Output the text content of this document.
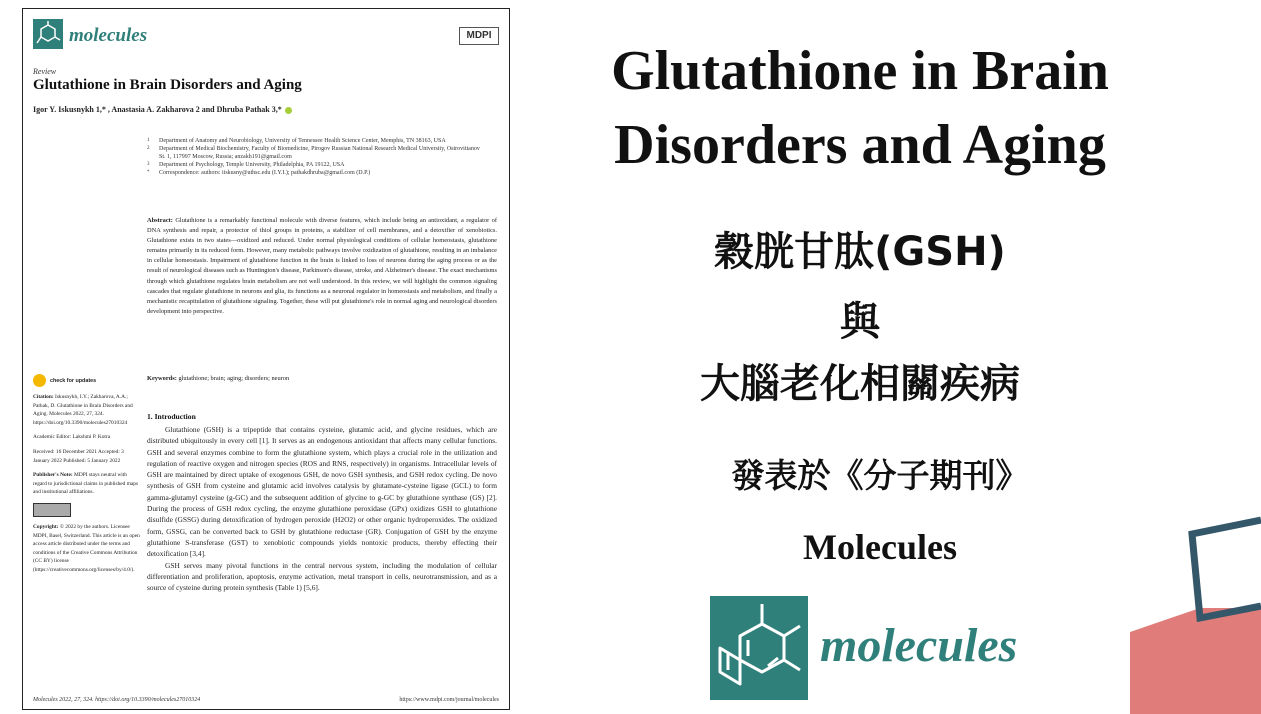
molecules	MDPI
Review
Glutathione in Brain Disorders and Aging
Igor Y. Iskusnykh 1,* , Anastasia A. Zakharova 2 and Dhruba Pathak 3,*
1	Department of Anatomy and Neurobiology, University of Tennessee Health Science Center, Memphis, TN 38163, USA
2	Department of Medical Biochemistry, Faculty of Biomedicine, Pirogov Russian National Research Medical University, Ostrovitianov St. 1, 117997 Moscow, Russia; anzakh191@gmail.com
3	Department of Psychology, Temple University, Philadelphia, PA 19122, USA
*	Correspondence: authors: iiskusny@uthsc.edu (I.Y.I.); pathakdhruba@gmail.com (D.P.)
Abstract: Glutathione is a remarkably functional molecule with diverse features, which include being an antioxidant, a regulator of DNA synthesis and repair, a protector of thiol groups in proteins, a stabilizer of cell membranes, and a detoxifier of xenobiotics. Glutathione exists in two states—oxidized and reduced. Under normal physiological conditions of cellular homeostasis, glutathione remains primarily in its reduced form. However, many metabolic pathways involve oxidization of glutathione, resulting in an imbalance in cellular homeostasis. Impairment of glutathione function in the brain is linked to loss of neurons during the aging process or as the result of neurological diseases such as Huntington's disease, Parkinson's disease, stroke, and Alzheimer's disease. The exact mechanisms through which glutathione regulates brain metabolism are not well understood. In this review, we will highlight the common signaling cascades that regulate glutathione in neurons and glia, its functions as a neuronal regulator in homeostasis and metabolism, and finally a mechanistic recapitulation of glutathione signaling. Together, these will put glutathione's role in normal aging and neurological disorders development into perspective.
Keywords: glutathione; brain; aging; disorders; neuron
check for updates

Citation: Iskusnykh, I.Y.; Zakharova, A.A.; Pathak, D. Glutathione in Brain Disorders and Aging. Molecules 2022, 27, 324. https://doi.org/10.3390/molecules27010324

Academic Editor: Lakshmi P. Kotra

Received: 16 December 2021 Accepted: 3 January 2022 Published: 5 January 2022

Publisher's Note: MDPI stays neutral with regard to jurisdictional claims in published maps and institutional affiliations.

Copyright: © 2022 by the authors. Licensee MDPI, Basel, Switzerland. This article is an open access article distributed under the terms and conditions of the Creative Commons Attribution (CC BY) license (https://creativecommons.org/licenses/by/4.0/).

1. Introduction

Glutathione (GSH) is a tripeptide that contains cysteine, glutamic acid, and glycine residues, which are distributed ubiquitously in every cell [1]. It serves as an endogenous antioxidant that affects many cellular functions. GSH and several enzymes combine to form the glutathione system, which plays a crucial role in the utilization and regulation of reactive oxygen and nitrogen species (ROS and RNS, respectively) in organisms. Intracellular levels of GSH are maintained by direct uptake of exogenous GSH, de novo GSH synthesis, and GSH redox cycling. De novo synthesis of GSH from cysteine and glutamic acid involves catalysis by glutamate-cysteine ligase (GCL) to form gamma-glutamyl cysteine (g-GC) and the subsequent addition of glycine to g-GC by glutathione synthase (GS) [2]. During the process of GSH redox cycling, the enzyme glutathione peroxidase (GPx) oxidizes GSH to glutathione disulfide (GSSG) during detoxification of hydrogen peroxide (H2O2) or other organic hydroperoxides. The oxidized form, GSSG, can be converted back to GSH by glutathione reductase (GR). Conjugation of GSH by the enzyme glutathione S-transferase (GST) to xenobiotic compounds yields nontoxic products, thereby effecting their detoxification [3,4].

GSH serves many pivotal functions in the central nervous system, including the modulation of cellular differentiation and proliferation, apoptosis, enzyme activation, metal transport in cells, neurotransmission, and as a source of cysteine during protein synthesis (Table 1) [5,6].

Molecules 2022, 27, 324. https://doi.org/10.3390/molecules27010324	https://www.mdpi.com/journal/molecules
Glutathione in Brain
Disorders and Aging
穀胱甘肽(GSH)
與
大腦老化相關疾病
發表於《分子期刊》
Molecules
molecules
